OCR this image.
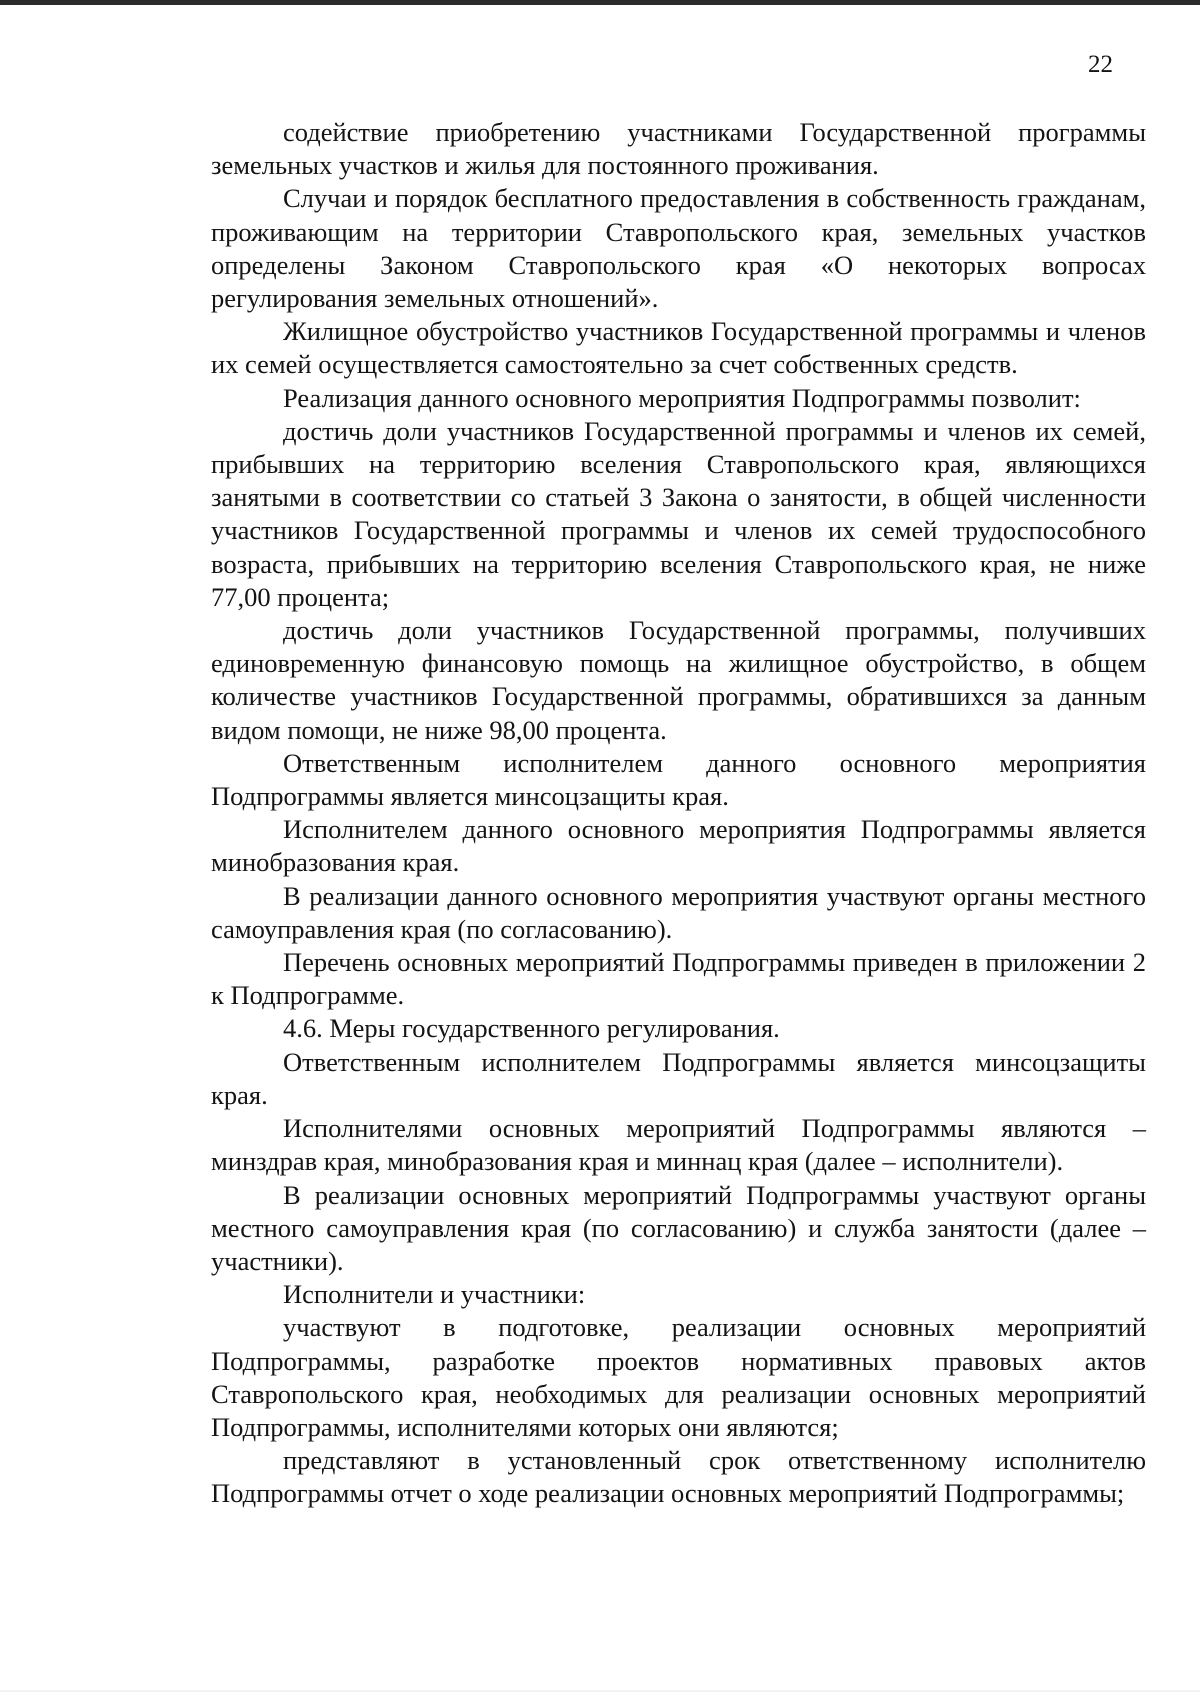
22

содействие приобретению участниками Государственной программы земельных участков и жилья для постоянного проживания.

Случаи и порядок бесплатного предоставления в собственность гражданам, проживающим на территории Ставропольского края, земельных участков определены Законом Ставропольского края «О некоторых вопросах регулирования земельных отношений».

Жилищное обустройство участников Государственной программы и членов их семей осуществляется самостоятельно за счет собственных средств.

Реализация данного основного мероприятия Подпрограммы позволит:

достичь доли участников Государственной программы и членов их семей, прибывших на территорию вселения Ставропольского края, являющихся занятыми в соответствии со статьей 3 Закона о занятости, в общей численности участников Государственной программы и членов их семей трудоспособного возраста, прибывших на территорию вселения Ставропольского края, не ниже 77,00 процента;

достичь доли участников Государственной программы, получивших единовременную финансовую помощь на жилищное обустройство, в общем количестве участников Государственной программы, обратившихся за данным видом помощи, не ниже 98,00 процента.

Ответственным исполнителем данного основного мероприятия Подпрограммы является минсоцзащиты края.

Исполнителем данного основного мероприятия Подпрограммы является минобразования края.

В реализации данного основного мероприятия участвуют органы местного самоуправления края (по согласованию).

Перечень основных мероприятий Подпрограммы приведен в приложении 2 к Подпрограмме.

4.6. Меры государственного регулирования.

Ответственным исполнителем Подпрограммы является минсоцзащиты края.

Исполнителями основных мероприятий Подпрограммы являются – минздрав края, минобразования края и миннац края (далее – исполнители).

В реализации основных мероприятий Подпрограммы участвуют органы местного самоуправления края (по согласованию) и служба занятости (далее – участники).

Исполнители и участники:

участвуют в подготовке, реализации основных мероприятий Подпрограммы, разработке проектов нормативных правовых актов Ставропольского края, необходимых для реализации основных мероприятий Подпрограммы, исполнителями которых они являются;

представляют в установленный срок ответственному исполнителю Подпрограммы отчет о ходе реализации основных мероприятий Подпрограммы;
